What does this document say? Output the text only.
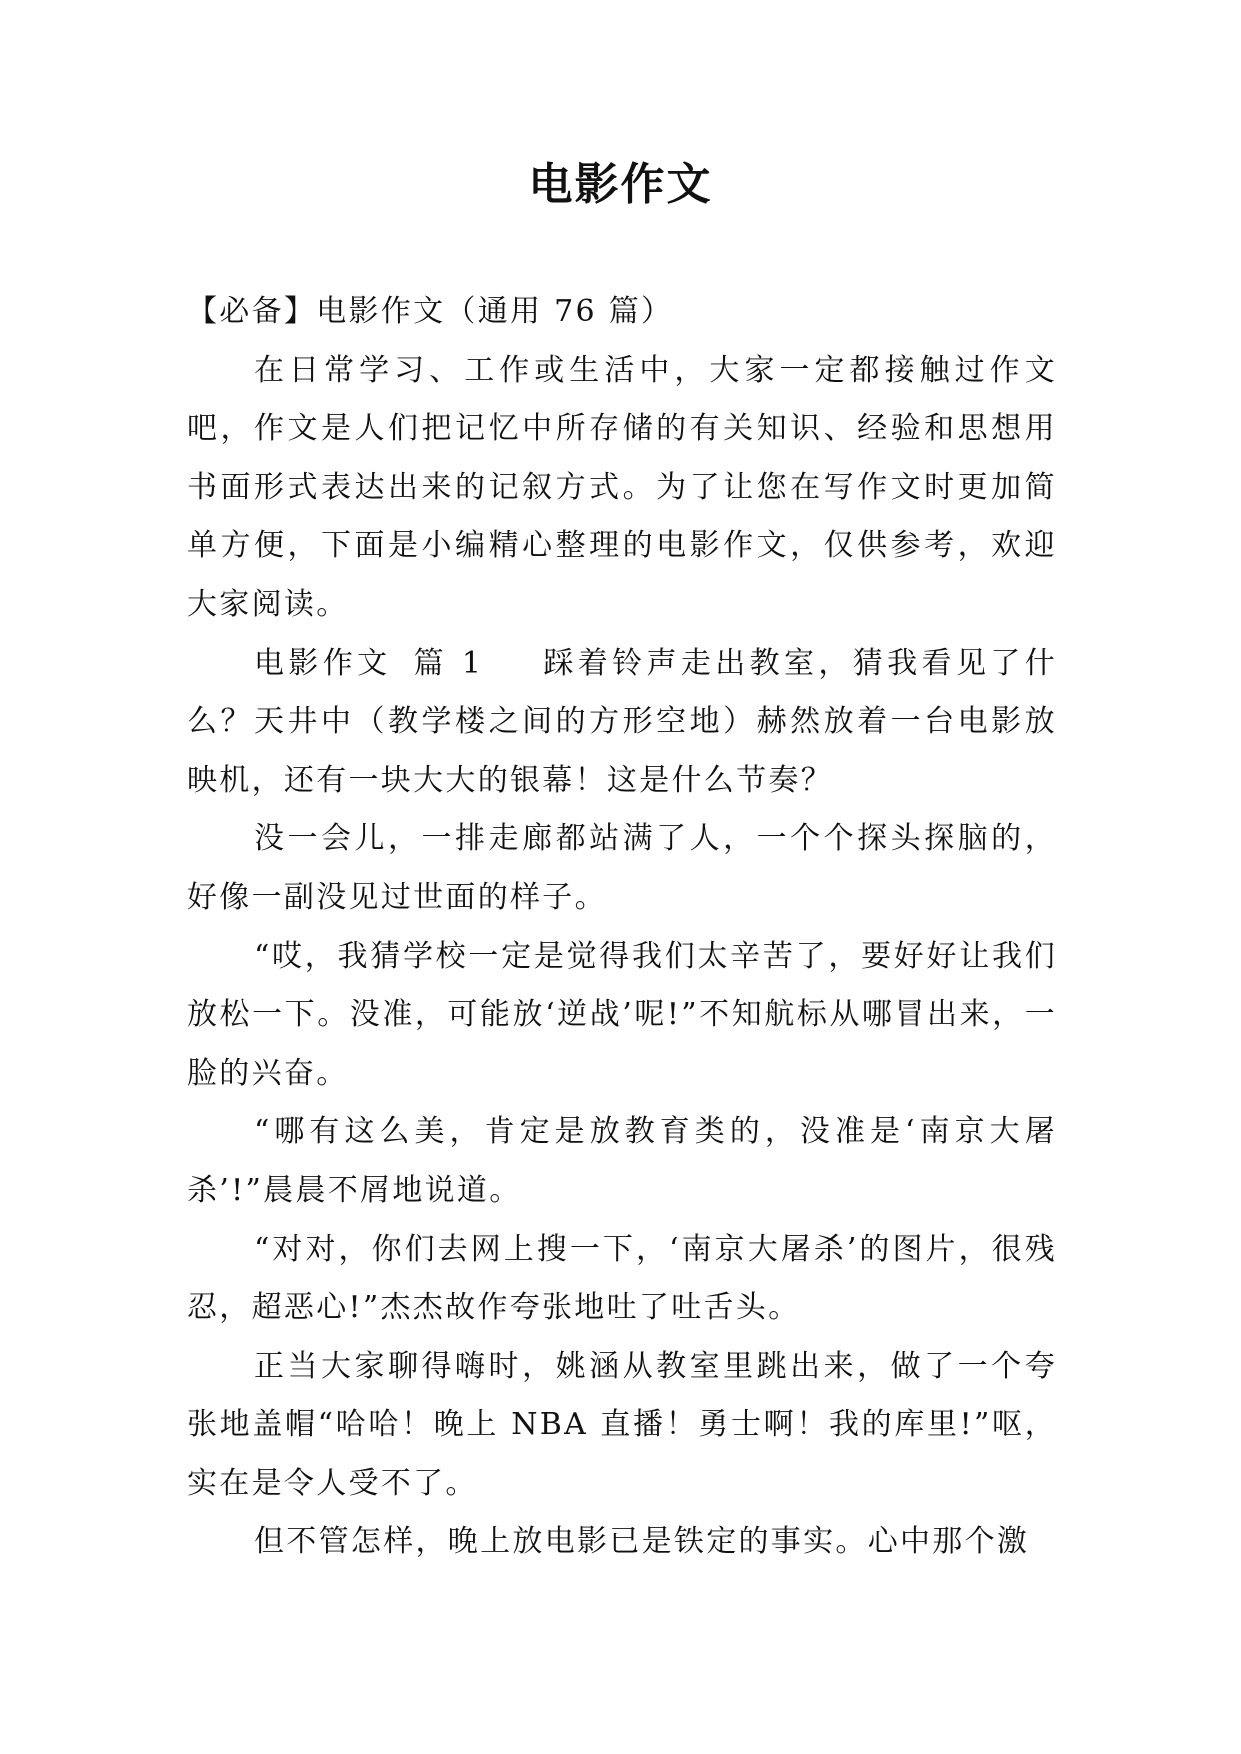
电影作文

【必备】电影作文（通用 76 篇）

在日常学习、工作或生活中，大家一定都接触过作文吧，作文是人们把记忆中所存储的有关知识、经验和思想用书面形式表达出来的记叙方式。为了让您在写作文时更加简单方便，下面是小编精心整理的电影作文，仅供参考，欢迎大家阅读。

电影作文 篇 1 踩着铃声走出教室，猜我看见了什么？天井中（教学楼之间的方形空地）赫然放着一台电影放映机，还有一块大大的银幕！这是什么节奏？

没一会儿，一排走廊都站满了人，一个个探头探脑的，好像一副没见过世面的样子。

“哎，我猜学校一定是觉得我们太辛苦了，要好好让我们放松一下。没准，可能放‘逆战’呢!”不知航标从哪冒出来，一脸的兴奋。

“哪有这么美，肯定是放教育类的，没准是‘南京大屠杀’!”晨晨不屑地说道。

“对对，你们去网上搜一下，‘南京大屠杀’的图片，很残忍，超恶心!”杰杰故作夸张地吐了吐舌头。

正当大家聊得嗨时，姚涵从教室里跳出来，做了一个夸张地盖帽“哈哈！晚上 NBA 直播！勇士啊！我的库里!”呕，实在是令人受不了。

但不管怎样，晚上放电影已是铁定的事实。心中那个激
